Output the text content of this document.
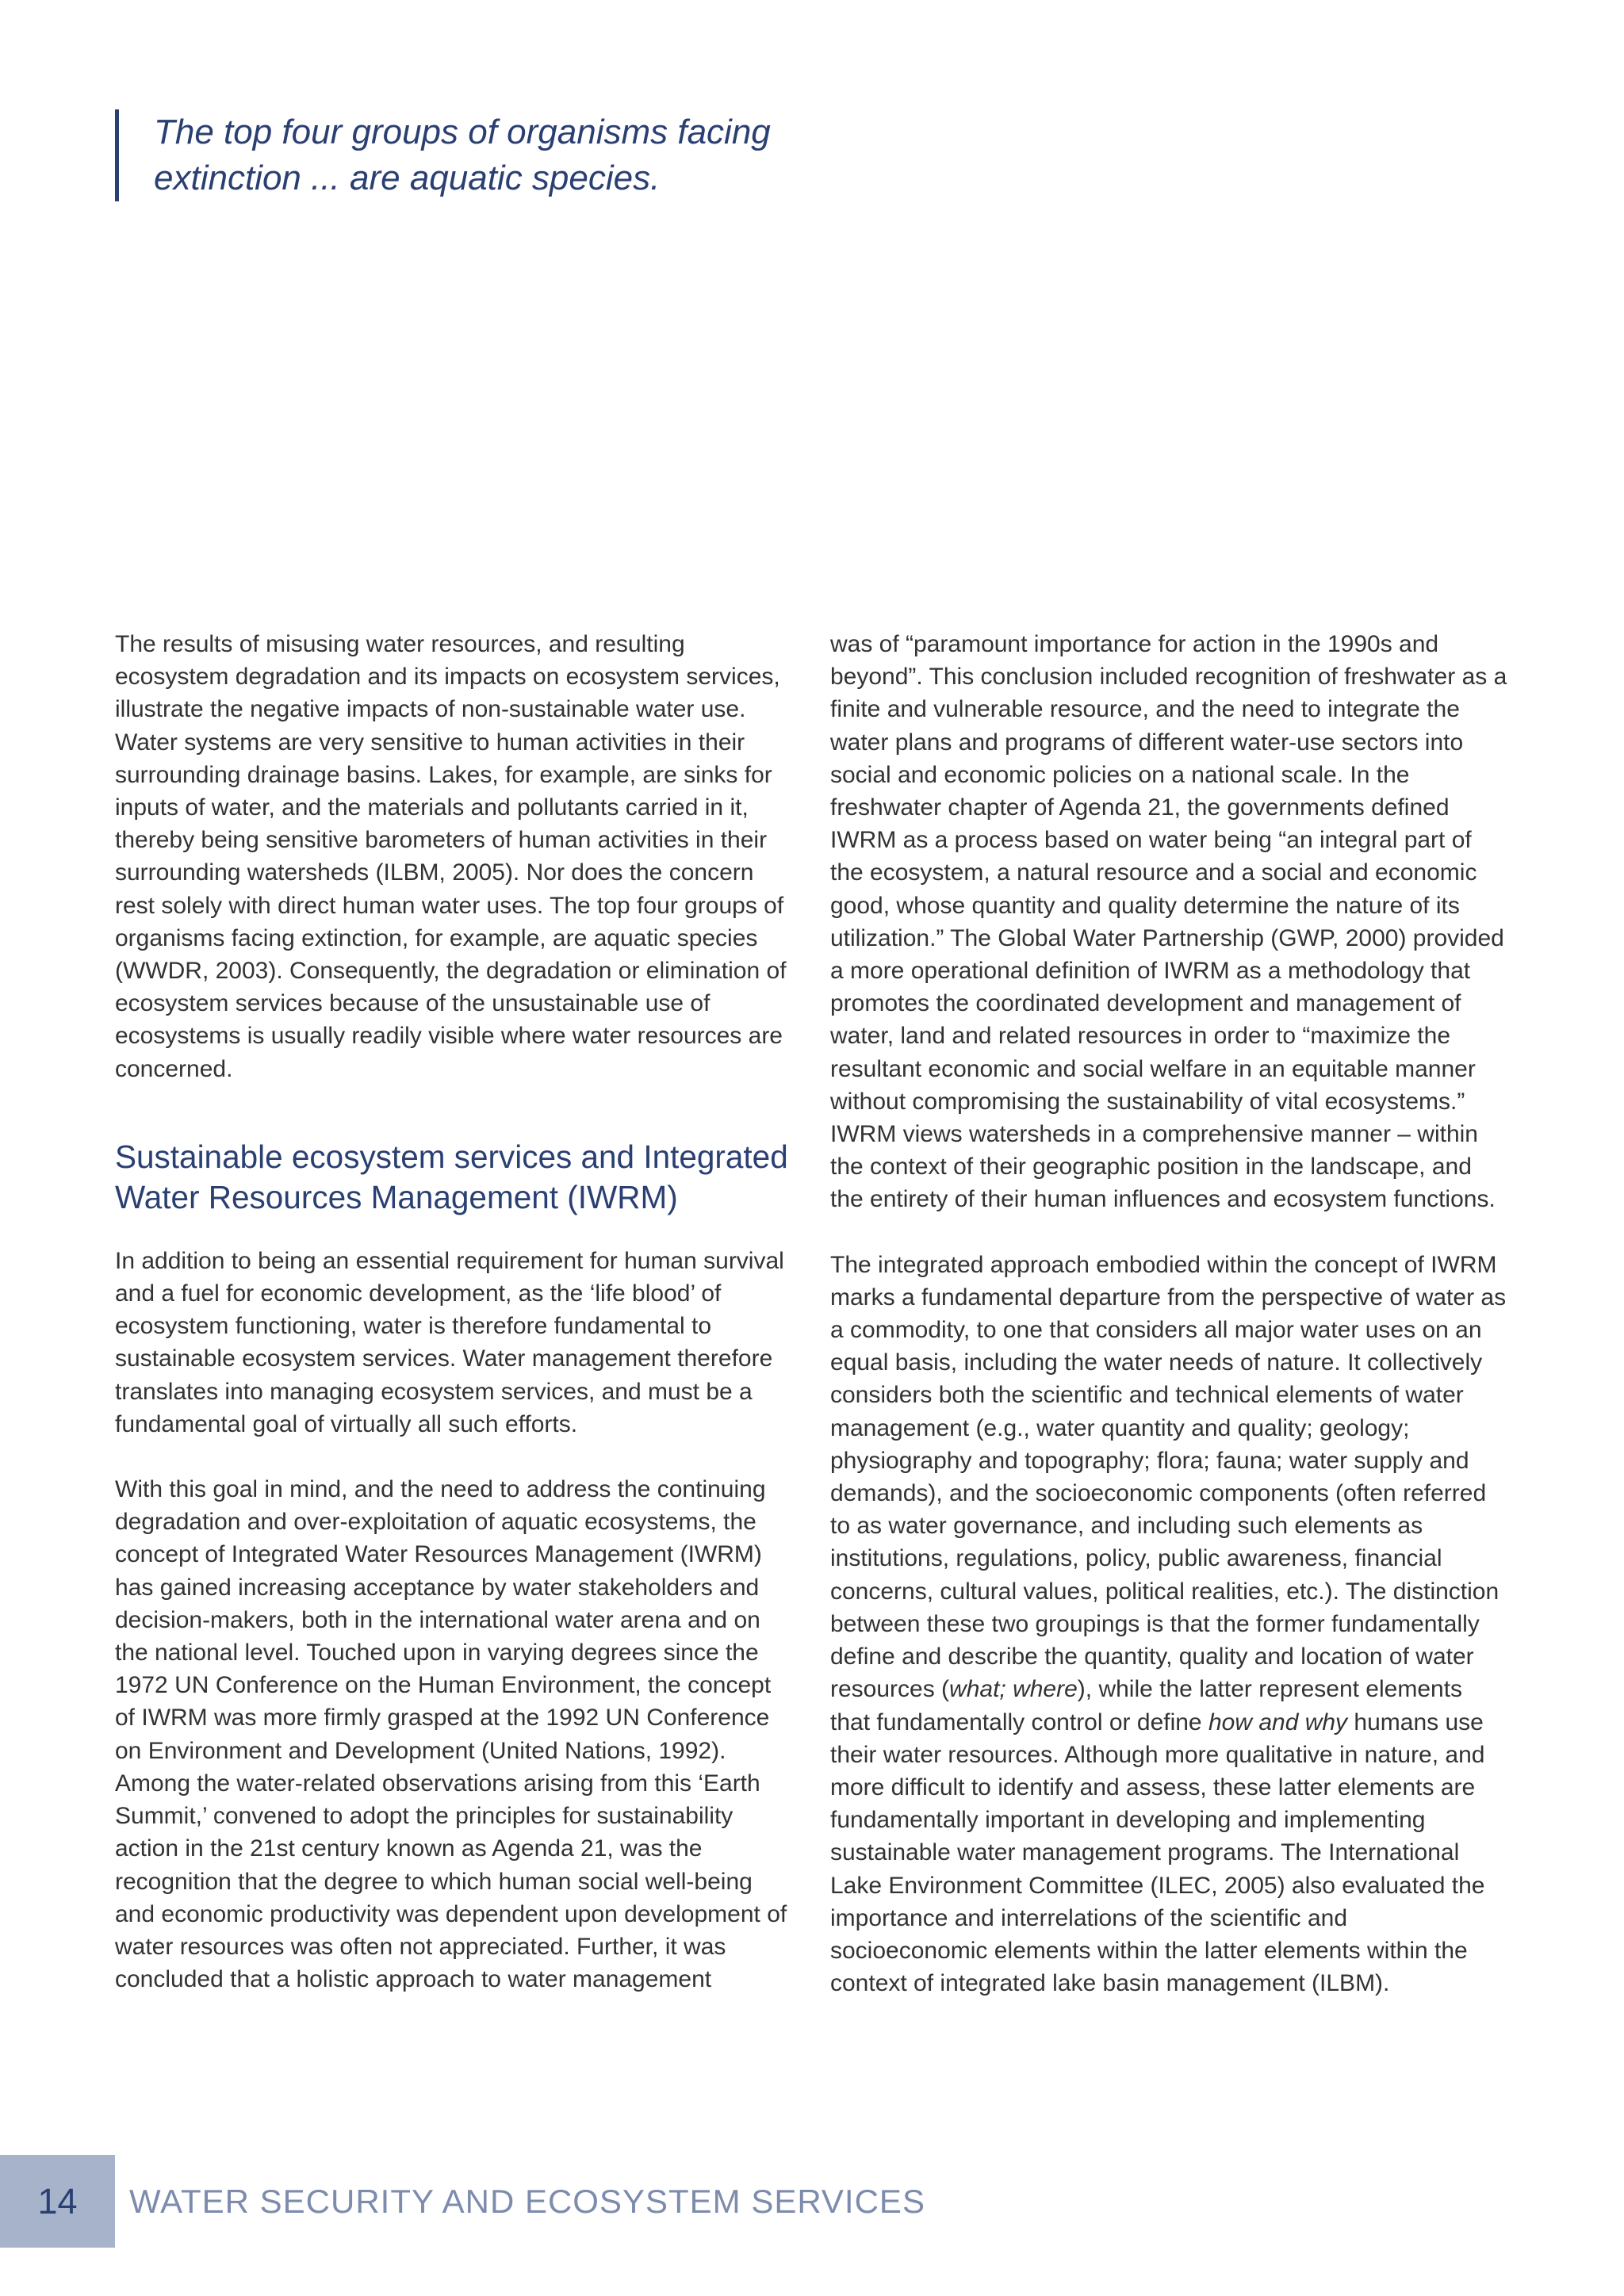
The top four groups of organisms facing
extinction ... are aquatic species.

The results of misusing water resources, and resulting ecosystem degradation and its impacts on ecosystem services, illustrate the negative impacts of non-sustainable water use. Water systems are very sensitive to human activities in their surrounding drainage basins. Lakes, for example, are sinks for inputs of water, and the materials and pollutants carried in it, thereby being sensitive barometers of human activities in their surrounding watersheds (ILBM, 2005). Nor does the concern rest solely with direct human water uses. The top four groups of organisms facing extinction, for example, are aquatic species (WWDR, 2003). Consequently, the degradation or elimination of ecosystem services because of the unsustainable use of ecosystems is usually readily visible where water resources are concerned.

Sustainable ecosystem services and Integrated Water Resources Management (IWRM)

In addition to being an essential requirement for human survival and a fuel for economic development, as the ‘life blood’ of ecosystem functioning, water is therefore fundamental to sustainable ecosystem services. Water management therefore translates into managing ecosystem services, and must be a fundamental goal of virtually all such efforts.

With this goal in mind, and the need to address the continuing degradation and over-exploitation of aquatic ecosystems, the concept of Integrated Water Resources Management (IWRM) has gained increasing acceptance by water stakeholders and decision-makers, both in the international water arena and on the national level. Touched upon in varying degrees since the 1972 UN Conference on the Human Environment, the concept of IWRM was more firmly grasped at the 1992 UN Conference on Environment and Development (United Nations, 1992). Among the water-related observations arising from this ‘Earth Summit,’ convened to adopt the principles for sustainability action in the 21st century known as Agenda 21, was the recognition that the degree to which human social well-being and economic productivity was dependent upon development of water resources was often not appreciated. Further, it was concluded that a holistic approach to water management

was of “paramount importance for action in the 1990s and beyond”. This conclusion included recognition of freshwater as a finite and vulnerable resource, and the need to integrate the water plans and programs of different water-use sectors into social and economic policies on a national scale. In the freshwater chapter of Agenda 21, the governments defined IWRM as a process based on water being “an integral part of the ecosystem, a natural resource and a social and economic good, whose quantity and quality determine the nature of its utilization.” The Global Water Partnership (GWP, 2000) provided a more operational definition of IWRM as a methodology that promotes the coordinated development and management of water, land and related resources in order to “maximize the resultant economic and social welfare in an equitable manner without compromising the sustainability of vital ecosystems.” IWRM views watersheds in a comprehensive manner – within the context of their geographic position in the landscape, and the entirety of their human influences and ecosystem functions.

The integrated approach embodied within the concept of IWRM marks a fundamental departure from the perspective of water as a commodity, to one that considers all major water uses on an equal basis, including the water needs of nature. It collectively considers both the scientific and technical elements of water management (e.g., water quantity and quality; geology; physiography and topography; flora; fauna; water supply and demands), and the socioeconomic components (often referred to as water governance, and including such elements as institutions, regulations, policy, public awareness, financial concerns, cultural values, political realities, etc.). The distinction between these two groupings is that the former fundamentally define and describe the quantity, quality and location of water resources (what; where), while the latter represent elements that fundamentally control or define how and why humans use their water resources. Although more qualitative in nature, and more difficult to identify and assess, these latter elements are fundamentally important in developing and implementing sustainable water management programs. The International Lake Environment Committee (ILEC, 2005) also evaluated the importance and interrelations of the scientific and socioeconomic elements within the latter elements within the context of integrated lake basin management (ILBM).

14	WATER SECURITY AND ECOSYSTEM SERVICES
